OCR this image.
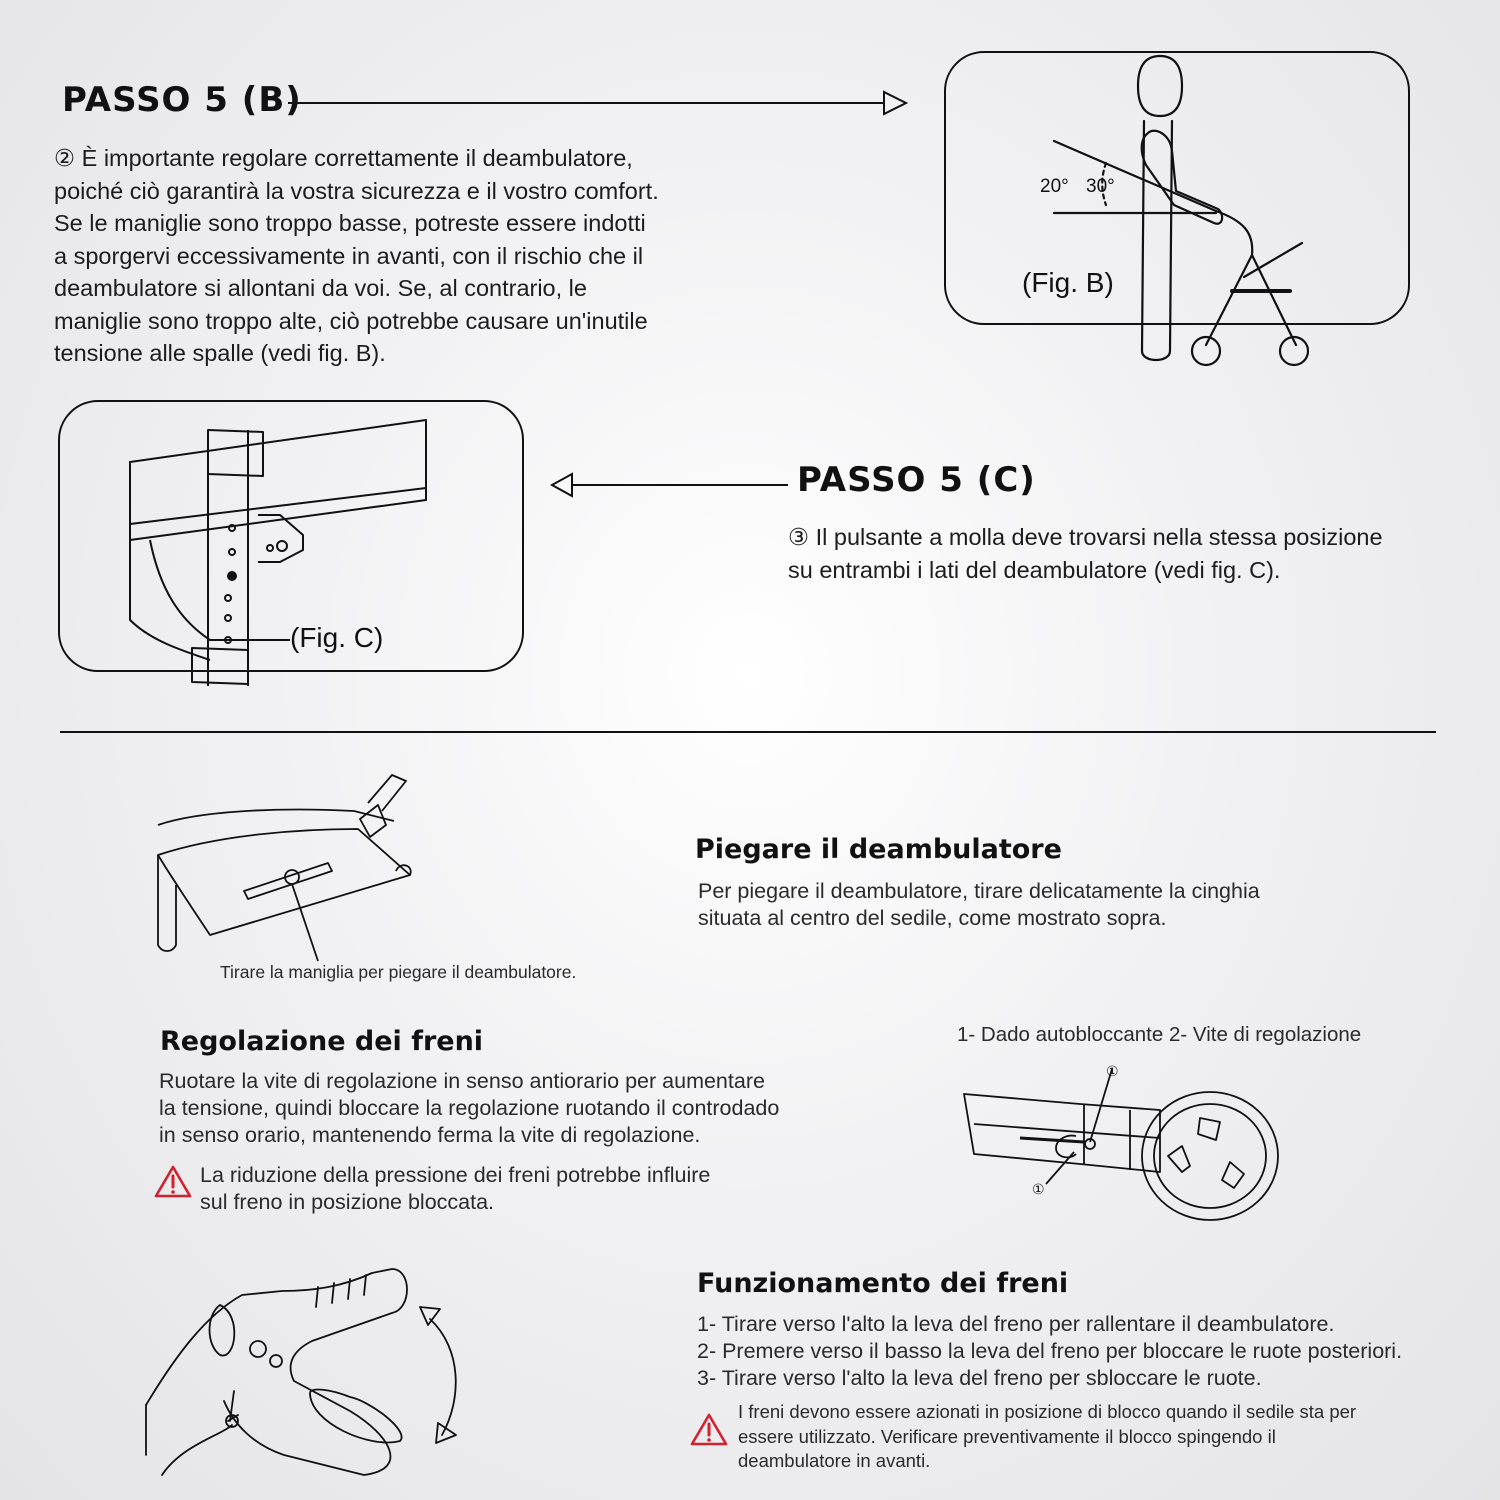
PASSO 5 (B)
② È importante regolare correttamente il deambulatore,
poiché ciò garantirà la vostra sicurezza e il vostro comfort.
Se le maniglie sono troppo basse, potreste essere indotti
a sporgervi eccessivamente in avanti, con il rischio che il
deambulatore si allontani da voi. Se, al contrario, le
maniglie sono troppo alte, ciò potrebbe causare un'inutile
tensione alle spalle (vedi fig. B).
20° 30°
(Fig. B)
(Fig. C)
PASSO 5 (C)
③ Il pulsante a molla deve trovarsi nella stessa posizione
su entrambi i lati del deambulatore (vedi fig. C).
Tirare la maniglia per piegare il deambulatore.
Piegare il deambulatore
Per piegare il deambulatore, tirare delicatamente la cinghia
situata al centro del sedile, come mostrato sopra.
Regolazione dei freni
Ruotare la vite di regolazione in senso antiorario per aumentare
la tensione, quindi bloccare la regolazione ruotando il controdado
in senso orario, mantenendo ferma la vite di regolazione.
La riduzione della pressione dei freni potrebbe influire
sul freno in posizione bloccata.
1- Dado autobloccante 2- Vite di regolazione
①
①
Funzionamento dei freni
1- Tirare verso l'alto la leva del freno per rallentare il deambulatore.
2- Premere verso il basso la leva del freno per bloccare le ruote posteriori.
3- Tirare verso l'alto la leva del freno per sbloccare le ruote.
I freni devono essere azionati in posizione di blocco quando il sedile sta per
essere utilizzato. Verificare preventivamente il blocco spingendo il
deambulatore in avanti.
